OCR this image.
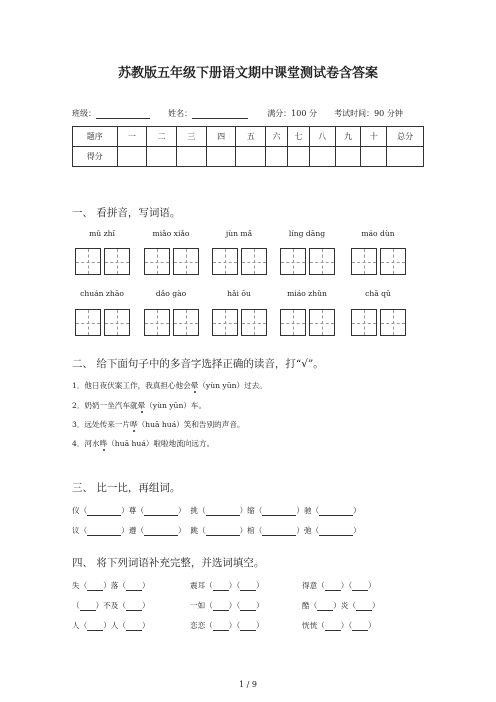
苏教版五年级下册语文期中课堂测试卷含答案
班级：	姓名：	满分：100 分 考试时间：90 分钟
题序	一	二	三	四	五	六	七	八	九	十	总分
得分											
一、 看拼音，写词语。
mǔ zhǐ	miǎo xiǎo	jùn mǎ	líng dāng	máo dùn
chuán zhāo	dǎo gào	hǎi ōu	miáo zhǔn	chā qǔ
二、 给下面句子中的多音字选择正确的读音，打“√”。
1．他日夜伏案工作，我真担心他会晕（yùn yūn）过去。
2．奶奶一坐汽车就晕（yùn yūn）车。
3．远处传来一片哗（huā huá）笑和告别的声音。
4．河水哗（huā huá）啦啦地流向远方。
三、 比一比，再组词。
仪（	）尊（	）  挑（	）缩（	）驰（	）
议（	）遵（	）  跳（	）棺（	）弛（	）
四、 将下列词语补充完整，并选词填空。
失（ ）落（ ）	震耳（ ）（ ）	得意（ ）（ ）
（ ）不及（ ）	一如（ ）（ ）	酷（ ）炎（ ）
人（ ）人（ ）	恋恋（ ）（ ）	恍恍（ ）（ ）
1 / 9
